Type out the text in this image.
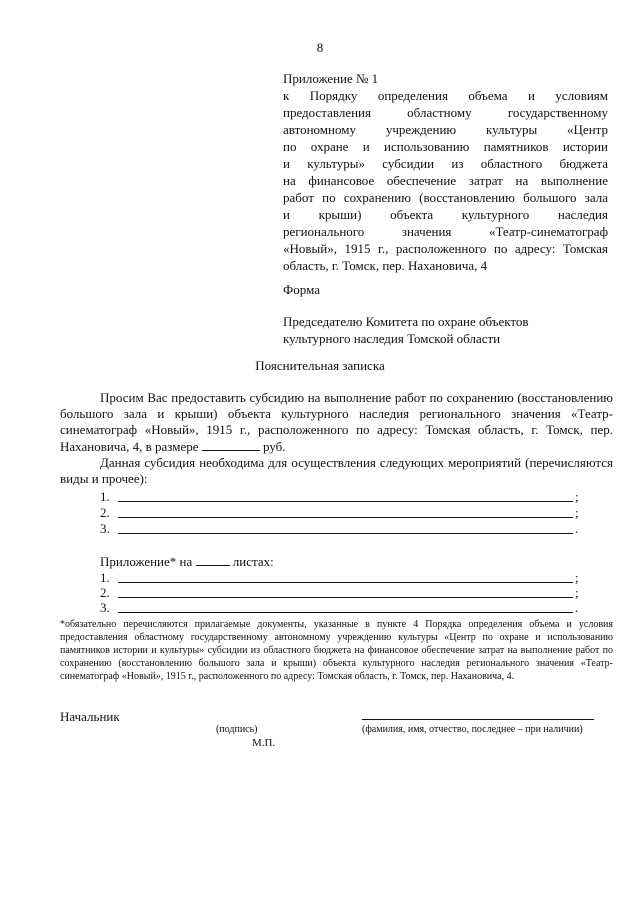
8
Приложение № 1
к Порядку определения объема и условиям
предоставления областному государственному
автономному учреждению культуры «Центр
по охране и использованию памятников истории
и культуры» субсидии из областного бюджета
на финансовое обеспечение затрат на выполнение
работ по сохранению (восстановлению большого зала
и крыши) объекта культурного наследия
регионального значения «Театр-синематограф
«Новый», 1915 г., расположенного по адресу: Томская
область, г. Томск, пер. Нахановича, 4
Форма
Председателю Комитета по охране объектов
культурного наследия Томской области
Пояснительная записка
Просим Вас предоставить субсидию на выполнение работ по сохранению (восстановлению большого зала и крыши) объекта культурного наследия регионального значения «Театр-синематограф «Новый», 1915 г., расположенного по адресу: Томская область, г. Томск, пер. Нахановича, 4, в размере	руб.
Данная субсидия необходима для осуществления следующих мероприятий (перечисляются виды и прочее):
1.	;
2.	;
3.	.
Приложение* на	листах:
1.	;
2.	;
3.	.
*обязательно перечисляются прилагаемые документы, указанные в пункте 4 Порядка определения объема и условия предоставления областному государственному автономному учреждению культуры «Центр по охране и использованию памятников истории и культуры» субсидии из областного бюджета на финансовое обеспечение затрат на выполнение работ по сохранению (восстановлению большого зала и крыши) объекта культурного наследия регионального значения «Театр-синематограф «Новый», 1915 г., расположенного по адресу: Томская область, г. Томск, пер. Нахановича, 4.
Начальник
(подпись)	(фамилия, имя, отчество, последнее – при наличии)
М.П.
